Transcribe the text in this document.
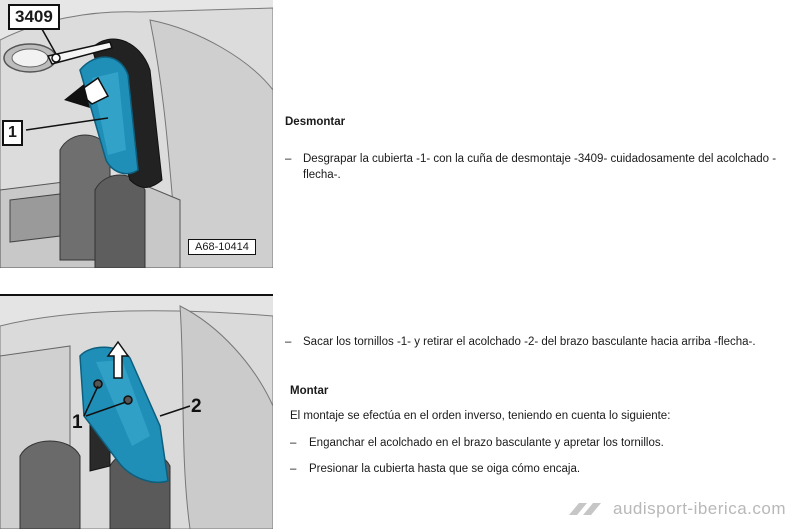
3409
1
A68-10414
1
2
Desmontar
– Desgrapar la cubierta -1- con la cuña de desmontaje -3409- cuidadosamente del acolchado -flecha-.
– Sacar los tornillos -1- y retirar el acolchado -2- del brazo basculante hacia arriba -flecha-.
Montar
El montaje se efectúa en el orden inverso, teniendo en cuenta lo siguiente:
– Enganchar el acolchado en el brazo basculante y apretar los tornillos.
– Presionar la cubierta hasta que se oiga cómo encaja.
audisport-iberica.com
